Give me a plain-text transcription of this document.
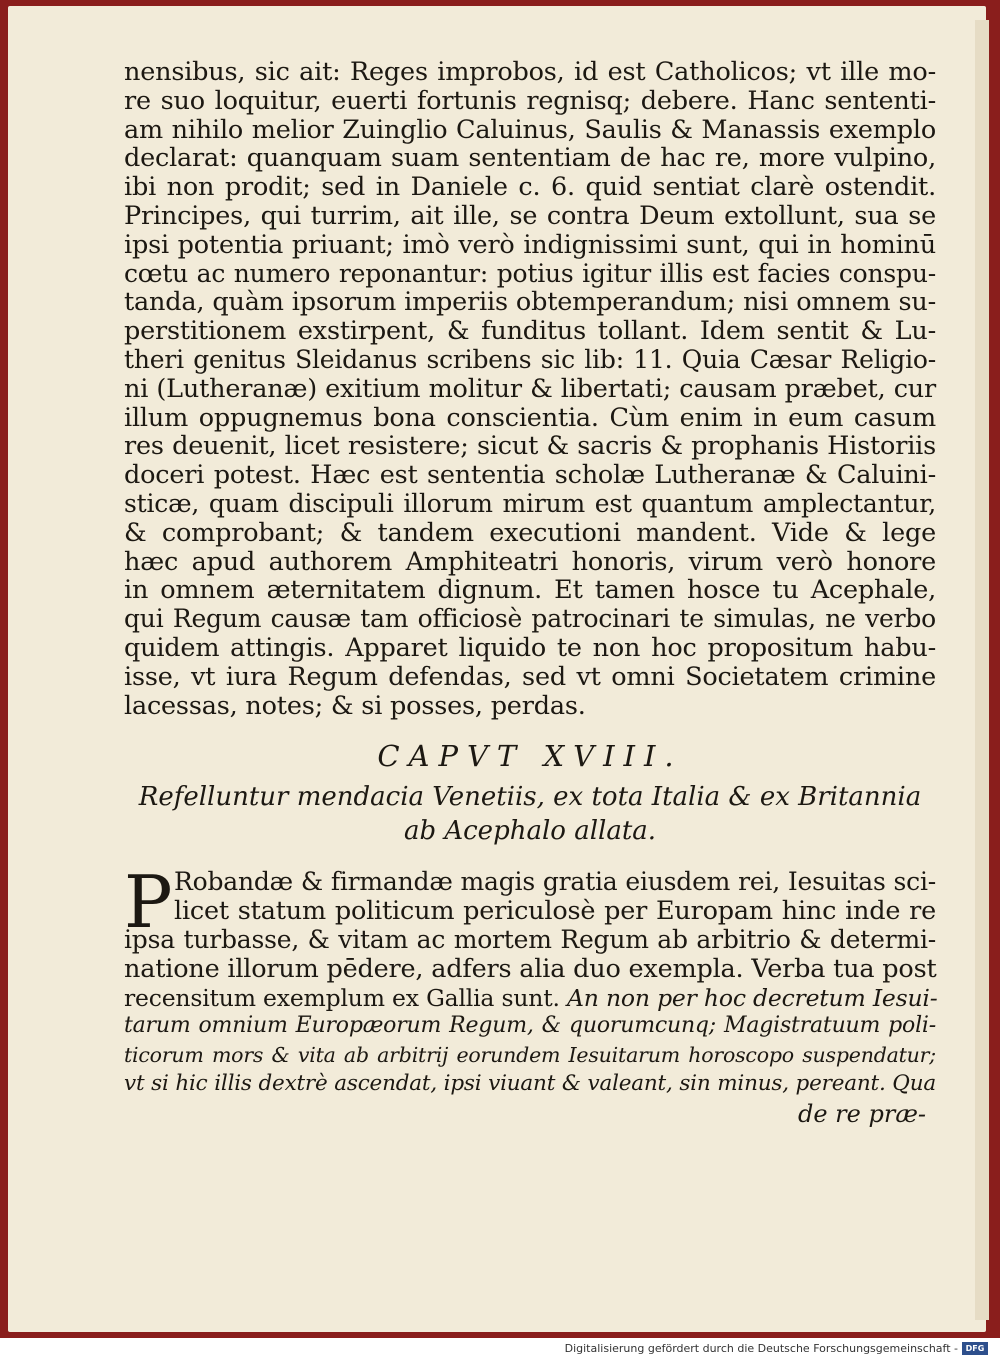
nensibus, sic ait: Reges improbos, id est Catholicos; vt ille mo-
re suo loquitur, euerti fortunis regnisq; debere. Hanc sententi-
am nihilo melior Zuinglio Caluinus, Saulis & Manassis exemplo
declarat: quanquam suam sententiam de hac re, more vulpino,
ibi non prodit; sed in Daniele c. 6. quid sentiat clarè ostendit.
Principes, qui turrim, ait ille, se contra Deum extollunt, sua se
ipsi potentia priuant; imò verò indignissimi sunt, qui in hominū
cœtu ac numero reponantur: potius igitur illis est facies conspu-
tanda, quàm ipsorum imperiis obtemperandum; nisi omnem su-
perstitionem exstirpent, & funditus tollant. Idem sentit & Lu-
theri genitus Sleidanus scribens sic lib: 11. Quia Cæsar Religio-
ni (Lutheranæ) exitium molitur & libertati; causam præbet, cur
illum oppugnemus bona conscientia. Cùm enim in eum casum
res deuenit, licet resistere; sicut & sacris & prophanis Historiis
doceri potest. Hæc est sententia scholæ Lutheranæ & Caluini-
sticæ, quam discipuli illorum mirum est quantum amplectantur,
& comprobant; & tandem executioni mandent. Vide & lege
hæc apud authorem Amphiteatri honoris, virum verò honore
in omnem æternitatem dignum. Et tamen hosce tu Acephale,
qui Regum causæ tam officiosè patrocinari te simulas, ne verbo
quidem attingis. Apparet liquido te non hoc propositum habu-
isse, vt iura Regum defendas, sed vt omni Societatem crimine
lacessas, notes; & si posses, perdas.
CAPVT XVIII.
Refelluntur mendacia Venetiis, ex tota Italia & ex Britannia
ab Acephalo allata.
P Robandæ & firmandæ magis gratia eiusdem rei, Iesuitas sci-
licet statum politicum periculosè per Europam hinc inde re
ipsa turbasse, & vitam ac mortem Regum ab arbitrio & determi-
natione illorum pēdere, adfers alia duo exempla. Verba tua post
recensitum exemplum ex Gallia sunt. An non per hoc decretum Iesui-
tarum omnium Europæorum Regum, & quorumcunq; Magistratuum poli-
ticorum mors & vita ab arbitrij eorundem Iesuitarum horoscopo suspendatur;
vt si hic illis dextrè ascendat, ipsi viuant & valeant, sin minus, pereant. Qua
de re præ-
Digitalisierung gefördert durch die Deutsche Forschungsgemeinschaft - DFG
